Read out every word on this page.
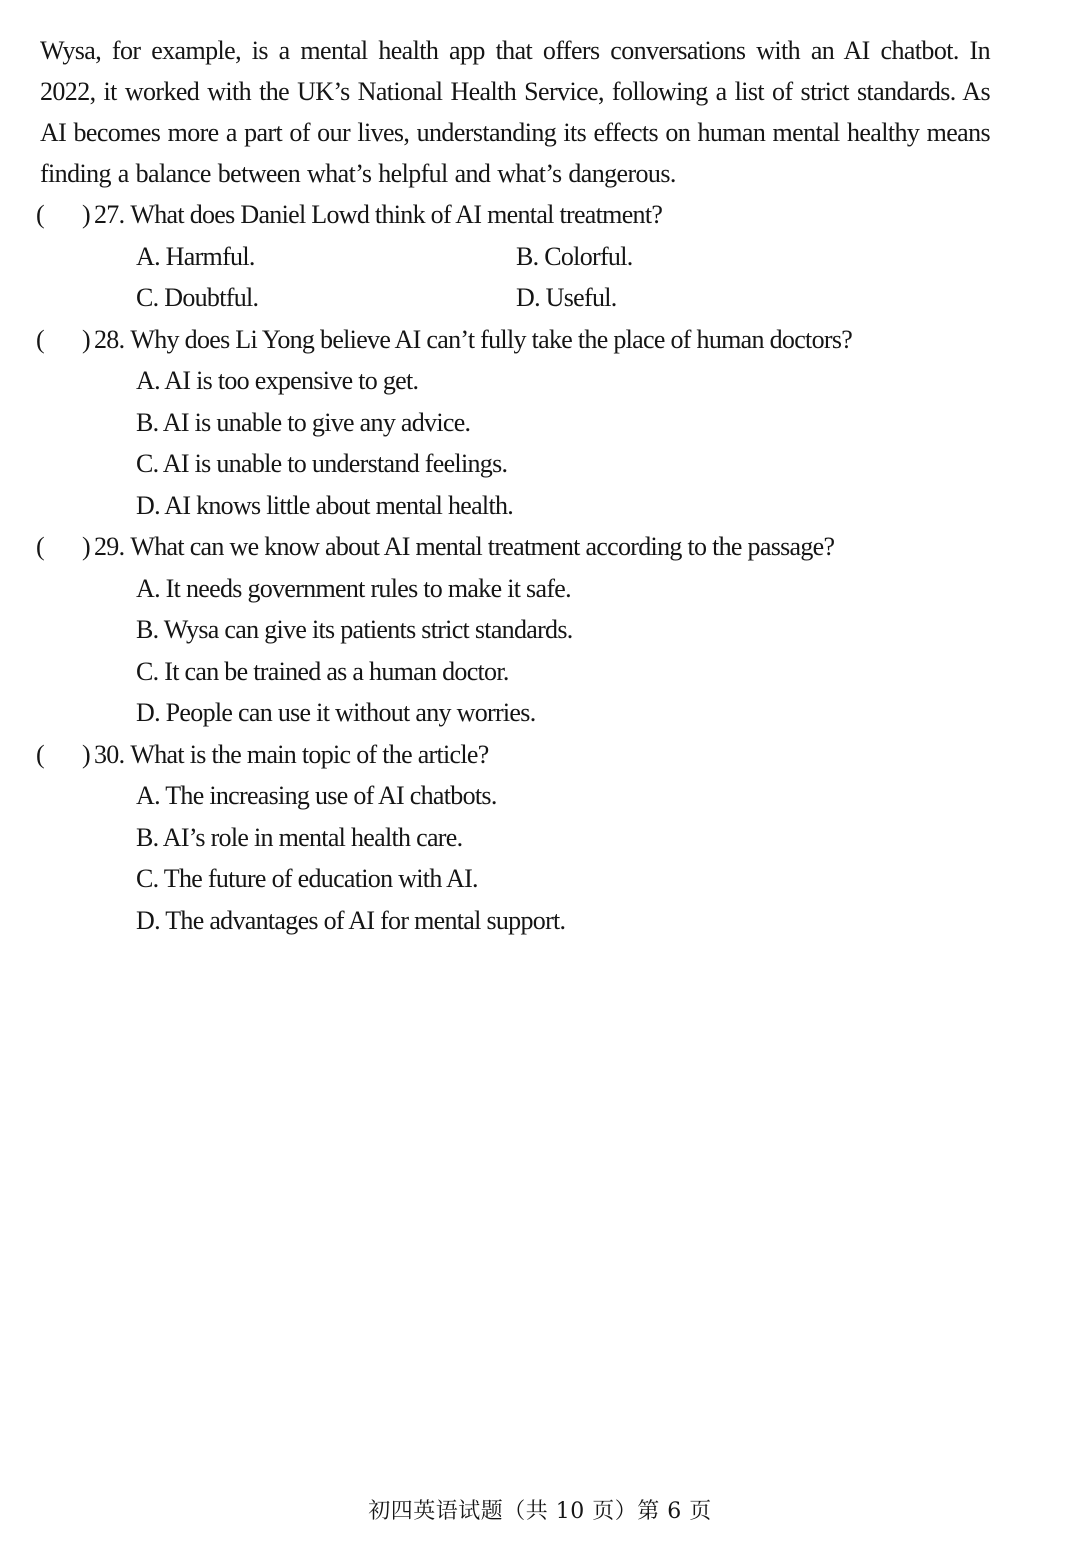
Wysa, for example, is a mental health app that offers conversations with an AI chatbot. In 2022, it worked with the UK’s National Health Service, following a list of strict standards. As AI becomes more a part of our lives, understanding its effects on human mental healthy means finding a balance between what’s helpful and what’s dangerous.

(	) 27. What does Daniel Lowd think of AI mental treatment?
A. Harmful.	B. Colorful.
C. Doubtful.	D. Useful.
(	) 28. Why does Li Yong believe AI can’t fully take the place of human doctors?
A. AI is too expensive to get.
B. AI is unable to give any advice.
C. AI is unable to understand feelings.
D. AI knows little about mental health.
(	) 29. What can we know about AI mental treatment according to the passage?
A. It needs government rules to make it safe.
B. Wysa can give its patients strict standards.
C. It can be trained as a human doctor.
D. People can use it without any worries.
(	) 30. What is the main topic of the article?
A. The increasing use of AI chatbots.
B. AI’s role in mental health care.
C. The future of education with AI.
D. The advantages of AI for mental support.
初四英语试题（共 10 页）第 6 页
